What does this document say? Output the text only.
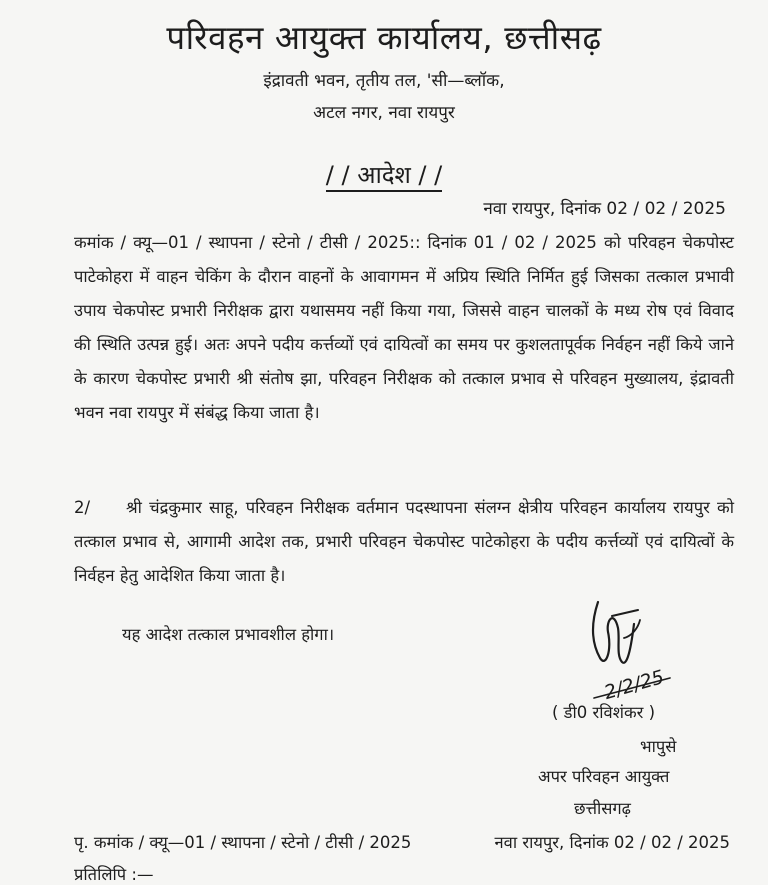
परिवहन आयुक्त कार्यालय, छत्तीसढ़
इंद्रावती भवन, तृतीय तल, 'सी—ब्लॉक,
अटल नगर, नवा रायपुर
/ / आदेश / /
नवा रायपुर, दिनांक 02 / 02 / 2025
कमांक / क्यू—01 / स्थापना / स्टेनो / टीसी / 2025:: दिनांक 01 / 02 / 2025 को परिवहन चेकपोस्ट पाटेकोहरा में वाहन चेकिंग के दौरान वाहनों के आवागमन में अप्रिय स्थिति निर्मित हुई जिसका तत्काल प्रभावी उपाय चेकपोस्ट प्रभारी निरीक्षक द्वारा यथासमय नहीं किया गया, जिससे वाहन चालकों के मध्य रोष एवं विवाद की स्थिति उत्पन्न हुई। अतः अपने पदीय कर्त्तव्यों एवं दायित्वों का समय पर कुशलतापूर्वक निर्वहन नहीं किये जाने के कारण चेकपोस्ट प्रभारी श्री संतोष झा, परिवहन निरीक्षक को तत्काल प्रभाव से परिवहन मुख्यालय, इंद्रावती भवन नवा रायपुर में संबंद्ध किया जाता है।
2/ श्री चंद्रकुमार साहू, परिवहन निरीक्षक वर्तमान पदस्थापना संलग्न क्षेत्रीय परिवहन कार्यालय रायपुर को तत्काल प्रभाव से, आगामी आदेश तक, प्रभारी परिवहन चेकपोस्ट पाटेकोहरा के पदीय कर्त्तव्यों एवं दायित्वों के निर्वहन हेतु आदेशित किया जाता है।
यह आदेश तत्काल प्रभावशील होगा।
2/2/25
( डी0 रविशंकर )
भापुसे
अपर परिवहन आयुक्त
छत्तीसगढ़
पृ. कमांक / क्यू—01 / स्थापना / स्टेनो / टीसी / 2025	नवा रायपुर, दिनांक 02 / 02 / 2025
प्रतिलिपि :—
